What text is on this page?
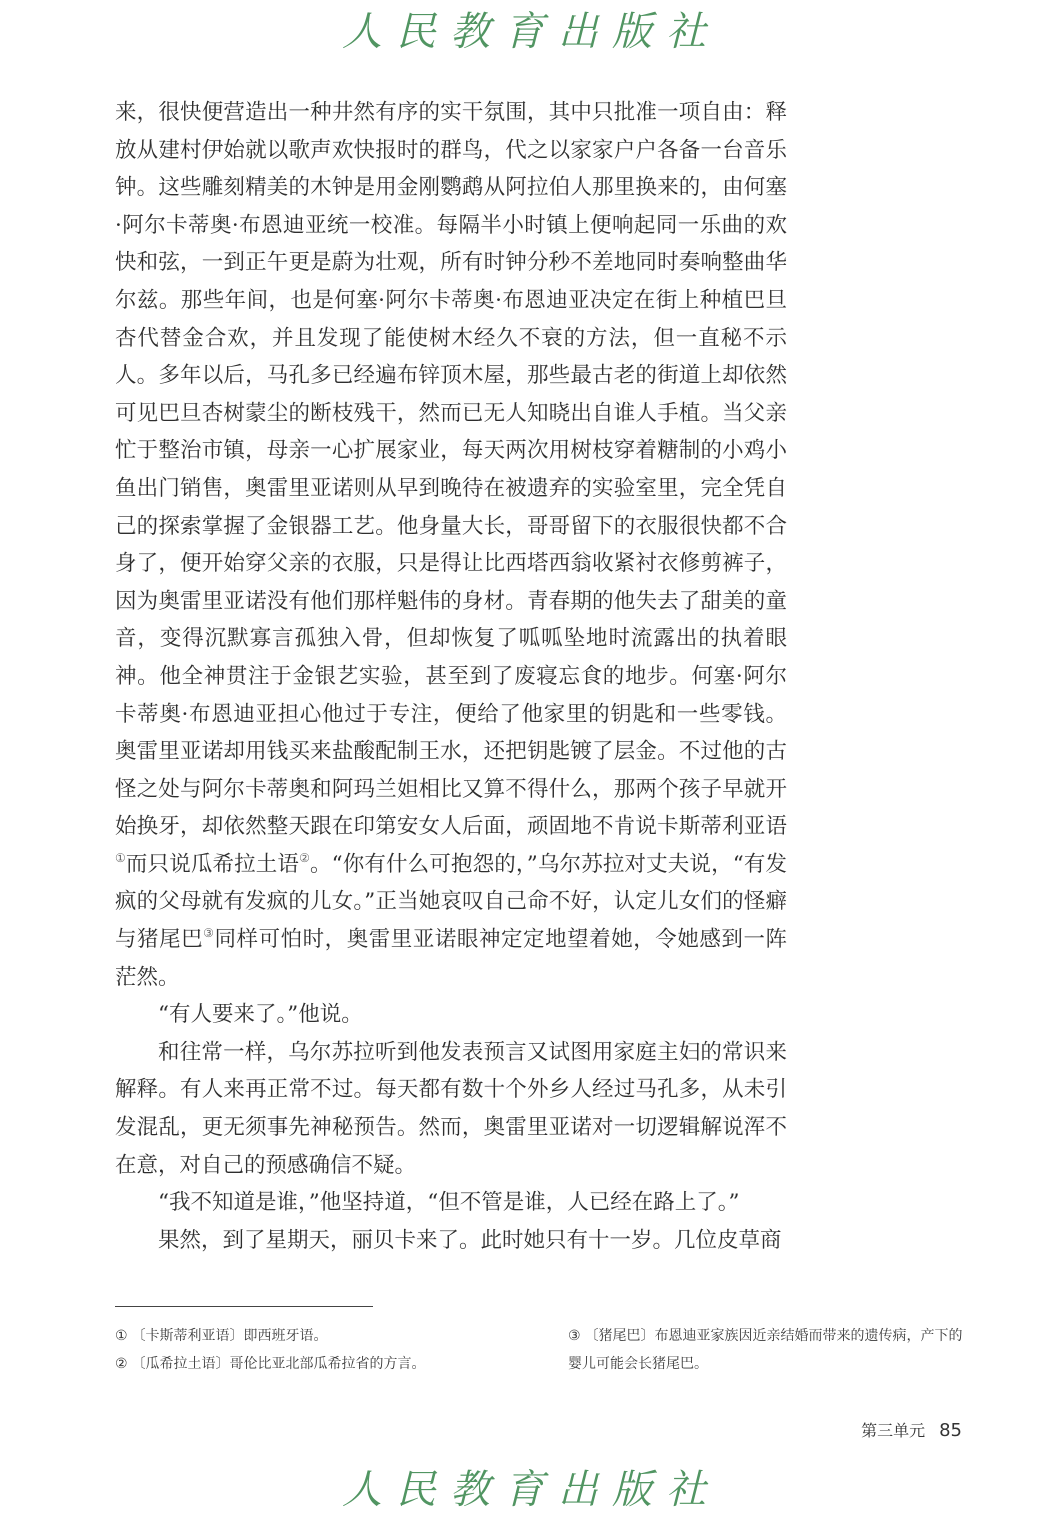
人民教育出版社

来，很快便营造出一种井然有序的实干氛围，其中只批准一项自由：释放从建村伊始就以歌声欢快报时的群鸟，代之以家家户户各备一台音乐钟。这些雕刻精美的木钟是用金刚鹦鹉从阿拉伯人那里换来的，由何塞·阿尔卡蒂奥·布恩迪亚统一校准。每隔半小时镇上便响起同一乐曲的欢快和弦，一到正午更是蔚为壮观，所有时钟分秒不差地同时奏响整曲华尔兹。那些年间，也是何塞·阿尔卡蒂奥·布恩迪亚决定在街上种植巴旦杏代替金合欢，并且发现了能使树木经久不衰的方法，但一直秘不示人。多年以后，马孔多已经遍布锌顶木屋，那些最古老的街道上却依然可见巴旦杏树蒙尘的断枝残干，然而已无人知晓出自谁人手植。当父亲忙于整治市镇，母亲一心扩展家业，每天两次用树枝穿着糖制的小鸡小鱼出门销售，奥雷里亚诺则从早到晚待在被遗弃的实验室里，完全凭自己的探索掌握了金银器工艺。他身量大长，哥哥留下的衣服很快都不合身了，便开始穿父亲的衣服，只是得让比西塔西翁收紧衬衣修剪裤子，因为奥雷里亚诺没有他们那样魁伟的身材。青春期的他失去了甜美的童音，变得沉默寡言孤独入骨，但却恢复了呱呱坠地时流露出的执着眼神。他全神贯注于金银艺实验，甚至到了废寝忘食的地步。何塞·阿尔卡蒂奥·布恩迪亚担心他过于专注，便给了他家里的钥匙和一些零钱。奥雷里亚诺却用钱买来盐酸配制王水，还把钥匙镀了层金。不过他的古怪之处与阿尔卡蒂奥和阿玛兰妲相比又算不得什么，那两个孩子早就开始换牙，却依然整天跟在印第安女人后面，顽固地不肯说卡斯蒂利亚语①而只说瓜希拉土语②。“你有什么可抱怨的，”乌尔苏拉对丈夫说，“有发疯的父母就有发疯的儿女。”正当她哀叹自己命不好，认定儿女们的怪癖与猪尾巴③同样可怕时，奥雷里亚诺眼神定定地望着她，令她感到一阵茫然。

“有人要来了。”他说。

和往常一样，乌尔苏拉听到他发表预言又试图用家庭主妇的常识来解释。有人来再正常不过。每天都有数十个外乡人经过马孔多，从未引发混乱，更无须事先神秘预告。然而，奥雷里亚诺对一切逻辑解说浑不在意，对自己的预感确信不疑。

“我不知道是谁，”他坚持道，“但不管是谁，人已经在路上了。”

果然，到了星期天，丽贝卡来了。此时她只有十一岁。几位皮草商

① 〔卡斯蒂利亚语〕即西班牙语。
② 〔瓜希拉土语〕哥伦比亚北部瓜希拉省的方言。
③ 〔猪尾巴〕布恩迪亚家族因近亲结婚而带来的遗传病，产下的婴儿可能会长猪尾巴。
第三单元 85
人民教育出版社
